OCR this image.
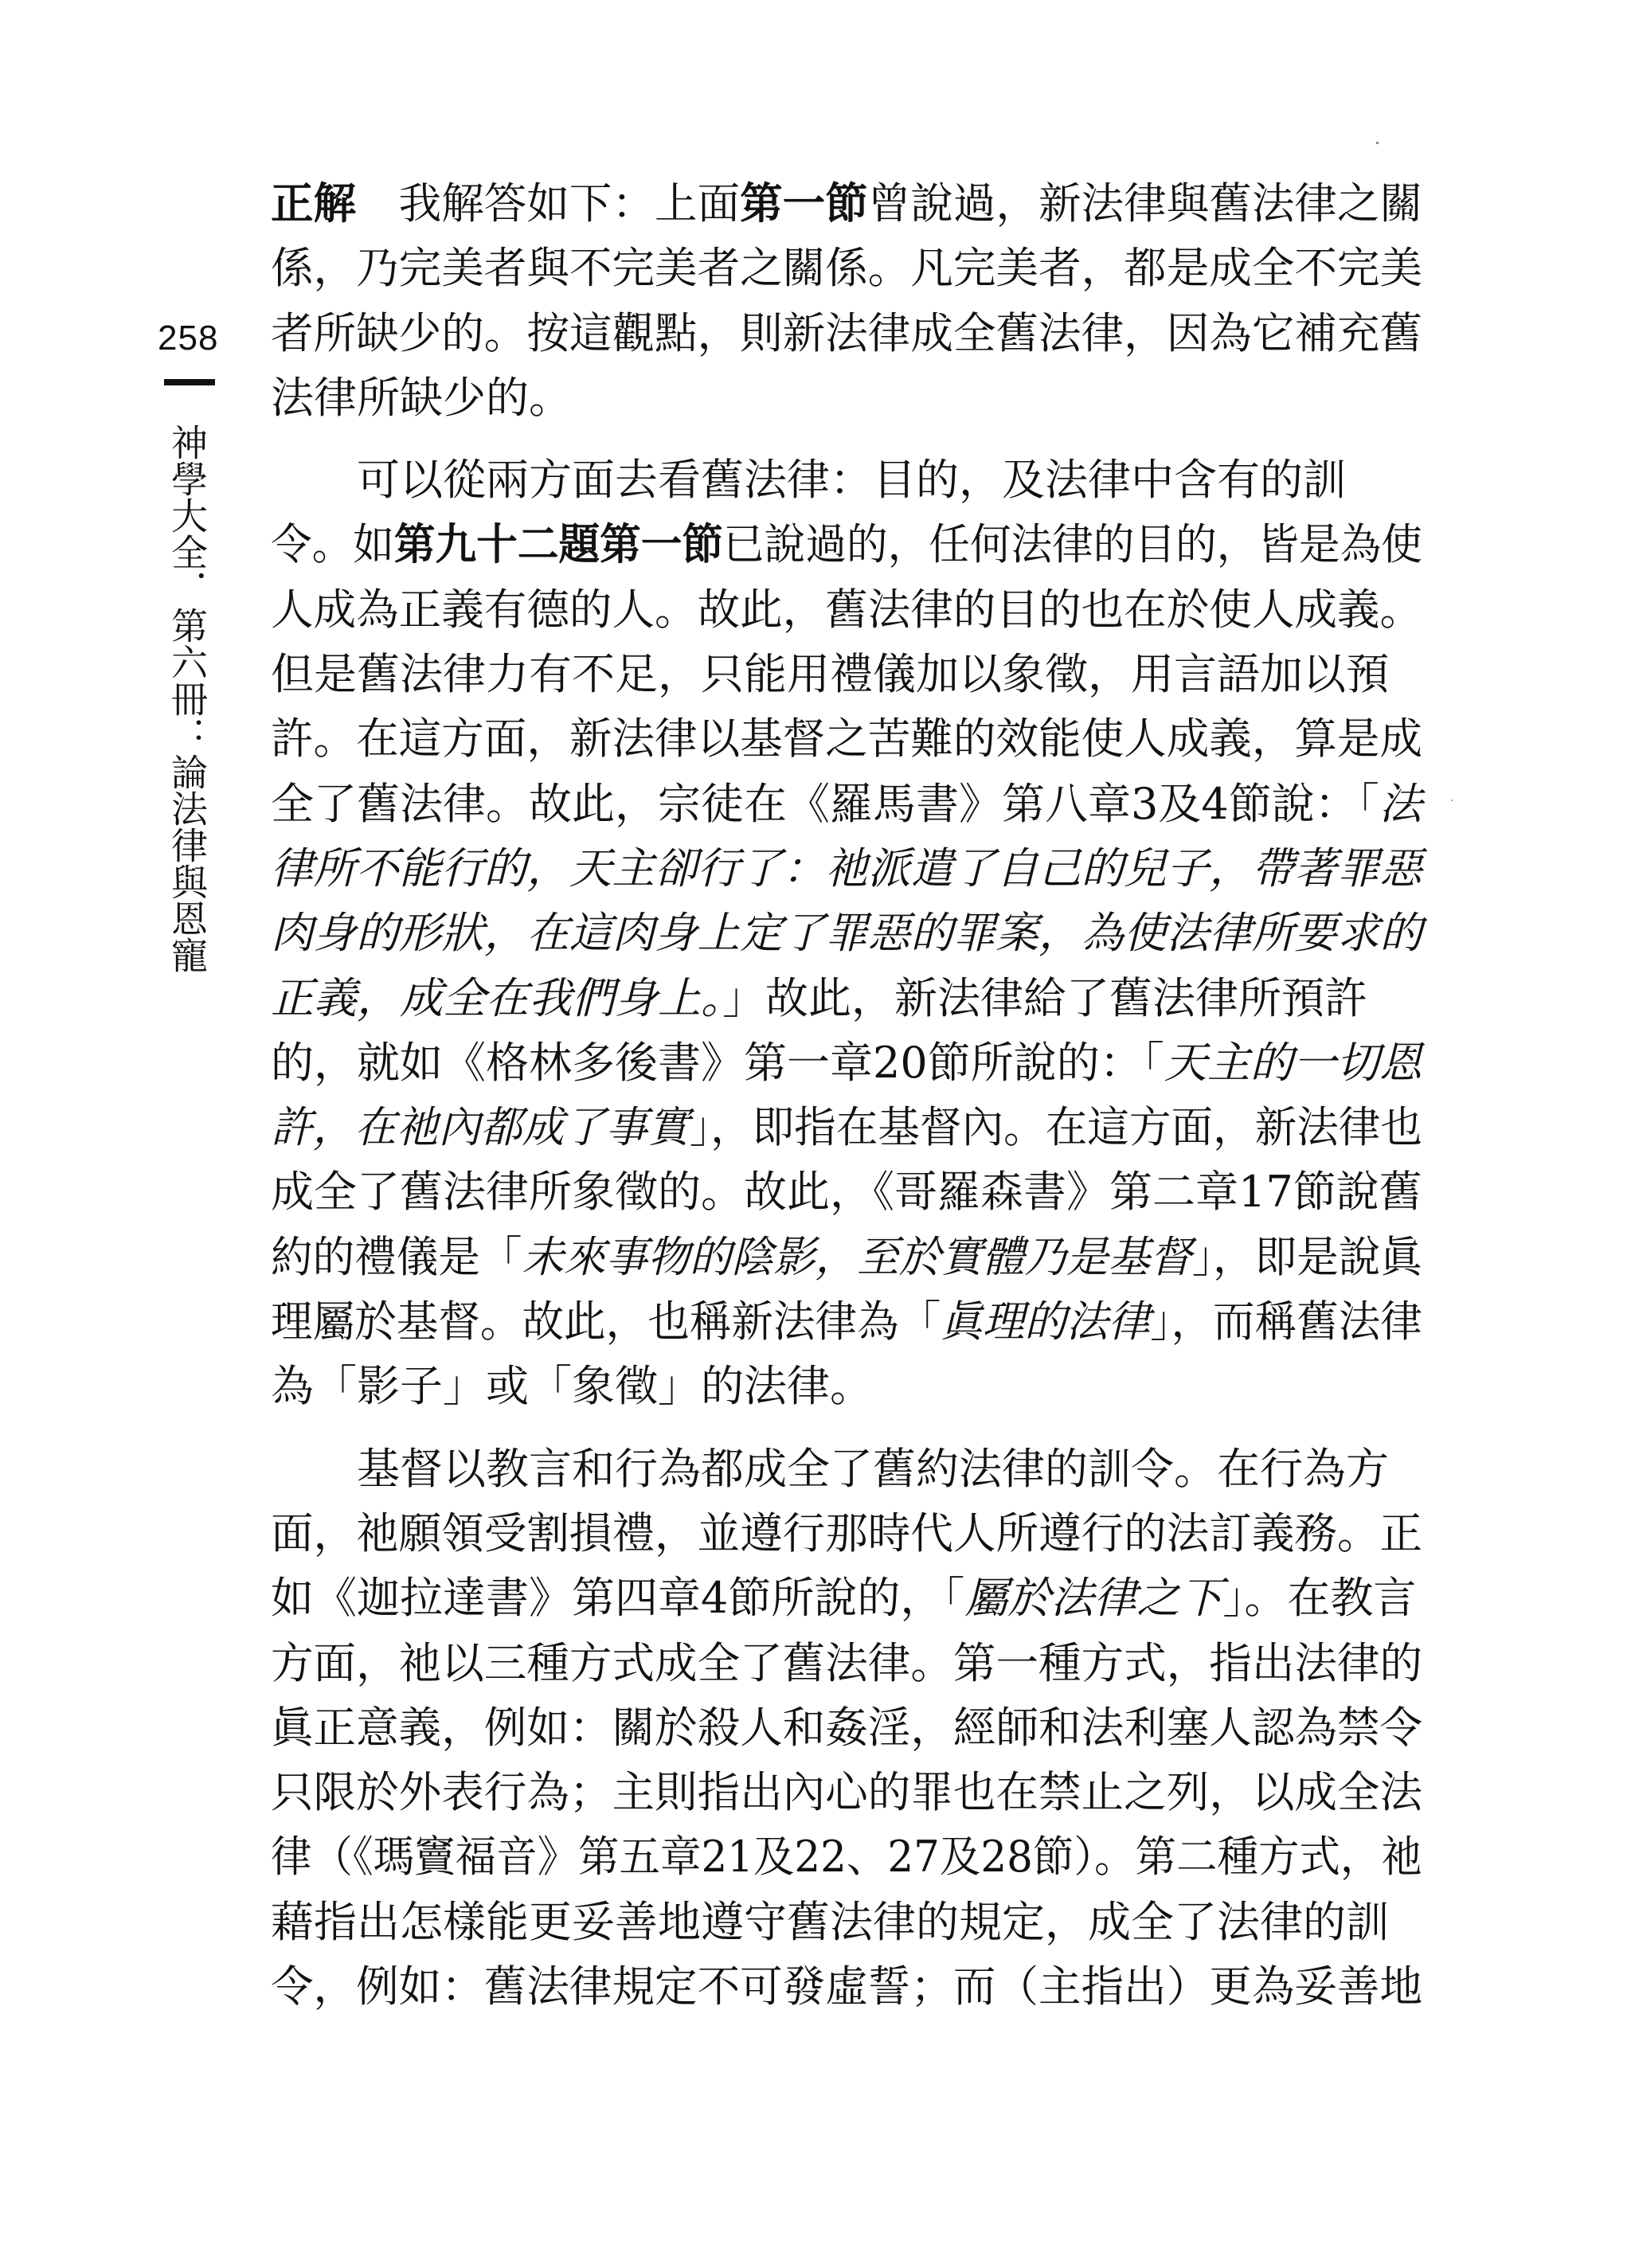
258
神學大全．第六冊：論法律與恩寵
正解　我解答如下：上面第一節曾說過，新法律與舊法律之關
係，乃完美者與不完美者之關係。凡完美者，都是成全不完美
者所缺少的。按這觀點，則新法律成全舊法律，因為它補充舊
法律所缺少的。
　　可以從兩方面去看舊法律：目的，及法律中含有的訓
令。如第九十二題第一節已說過的，任何法律的目的，皆是為使
人成為正義有德的人。故此，舊法律的目的也在於使人成義。
但是舊法律力有不足，只能用禮儀加以象徵，用言語加以預
許。在這方面，新法律以基督之苦難的效能使人成義，算是成
全了舊法律。故此，宗徒在《羅馬書》第八章3及4節說：「法
律所不能行的，天主卻行了：祂派遣了自己的兒子，帶著罪惡
肉身的形狀，在這肉身上定了罪惡的罪案，為使法律所要求的
正義，成全在我們身上。」故此，新法律給了舊法律所預許
的，就如《格林多後書》第一章20節所說的：「天主的一切恩
許，在祂內都成了事實」，即指在基督內。在這方面，新法律也
成全了舊法律所象徵的。故此，《哥羅森書》第二章17節說舊
約的禮儀是「未來事物的陰影，至於實體乃是基督」，即是說眞
理屬於基督。故此，也稱新法律為「眞理的法律」，而稱舊法律
為「影子」或「象徵」的法律。
　　基督以教言和行為都成全了舊約法律的訓令。在行為方
面，祂願領受割損禮，並遵行那時代人所遵行的法訂義務。正
如《迦拉達書》第四章4節所說的，「屬於法律之下」。在教言
方面，祂以三種方式成全了舊法律。第一種方式，指出法律的
眞正意義，例如：關於殺人和姦淫，經師和法利塞人認為禁令
只限於外表行為；主則指出內心的罪也在禁止之列，以成全法
律（《瑪竇福音》第五章21及22、27及28節）。第二種方式，祂
藉指出怎樣能更妥善地遵守舊法律的規定，成全了法律的訓
令，例如：舊法律規定不可發虛誓；而（主指出）更為妥善地
